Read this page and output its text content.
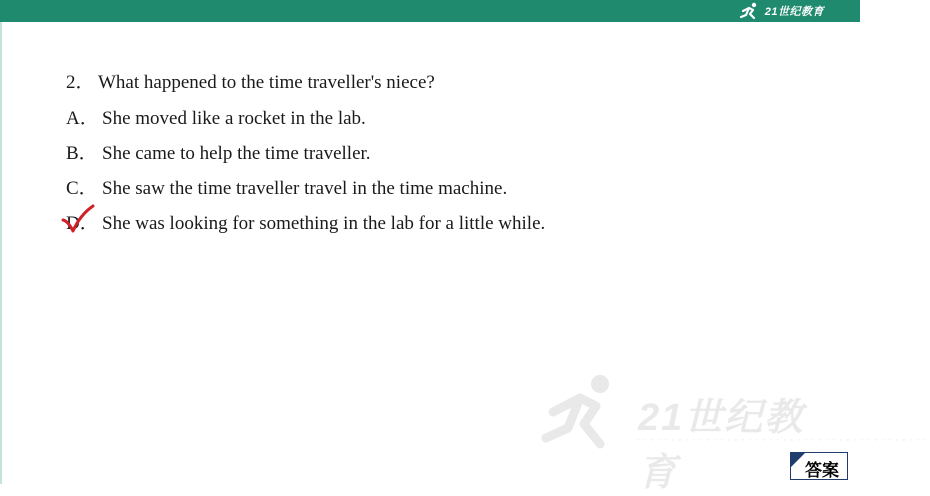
21世纪教育
2． What happened to the time traveller's niece?
A． She moved like a rocket in the lab.
B． She came to help the time traveller.
C． She saw the time traveller travel in the time machine.
D． She was looking for something in the lab for a little while.
21世纪教育
··········································
答案
